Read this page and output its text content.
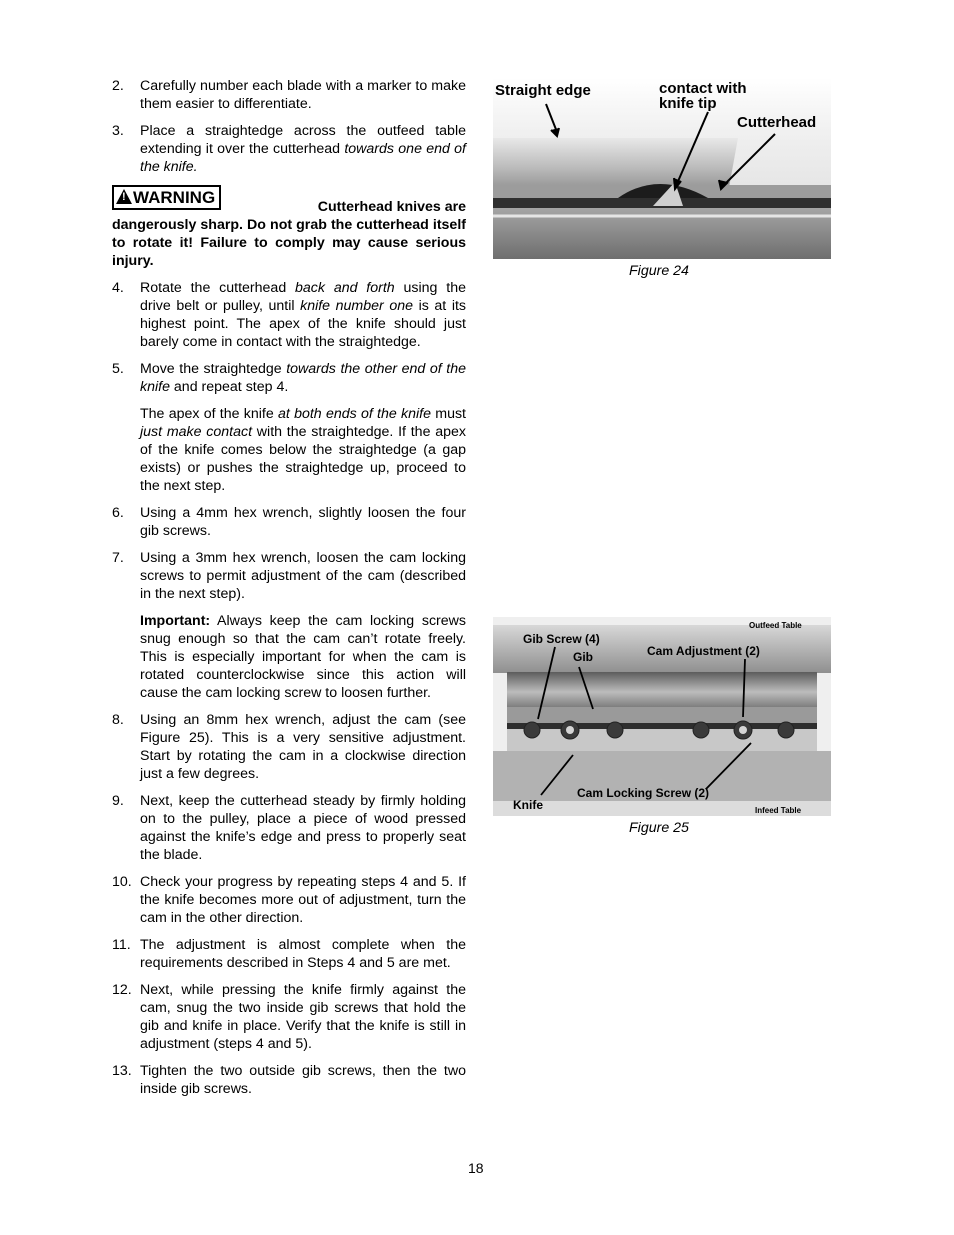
2.	Carefully number each blade with a marker to make them easier to differentiate.
3.	Place a straightedge across the outfeed table extending it over the cutterhead towards one end of the knife.
!WARNING	Cutterhead knives are
dangerously sharp. Do not grab the cutterhead itself to rotate it! Failure to comply may cause serious injury.
4.	Rotate the cutterhead back and forth using the drive belt or pulley, until knife number one is at its highest point. The apex of the knife should just barely come in contact with the straightedge.
5.	Move the straightedge towards the other end of the knife and repeat step 4.
The apex of the knife at both ends of the knife must just make contact with the straightedge. If the apex of the knife comes below the straightedge (a gap exists) or pushes the straightedge up, proceed to the next step.
6.	Using a 4mm hex wrench, slightly loosen the four gib screws.
7.	Using a 3mm hex wrench, loosen the cam locking screws to permit adjustment of the cam (described in the next step).
Important: Always keep the cam locking screws snug enough so that the cam can’t rotate freely. This is especially important for when the cam is rotated counterclockwise since this action will cause the cam locking screw to loosen further.
8.	Using an 8mm hex wrench, adjust the cam (see Figure 25). This is a very sensitive adjustment. Start by rotating the cam in a clockwise direction just a few degrees.
9.	Next, keep the cutterhead steady by firmly holding on to the pulley, place a piece of wood pressed against the knife’s edge and press to properly seat the blade.
10. Check your progress by repeating steps 4 and 5. If the knife becomes more out of adjustment, turn the cam in the other direction.
11. The adjustment is almost complete when the requirements described in Steps 4 and 5 are met.
12. Next, while pressing the knife firmly against the cam, snug the two inside gib screws that hold the gib and knife in place. Verify that the knife is still in adjustment (steps 4 and 5).
13. Tighten the two outside gib screws, then the two inside gib screws.
Straight edge	contact with
knife tip
Cutterhead
Figure 24
Outfeed Table
Gib Screw (4)
Gib	Cam Adjustment (2)
Knife
Cam Locking Screw (2)
Infeed Table
Figure 25
18
